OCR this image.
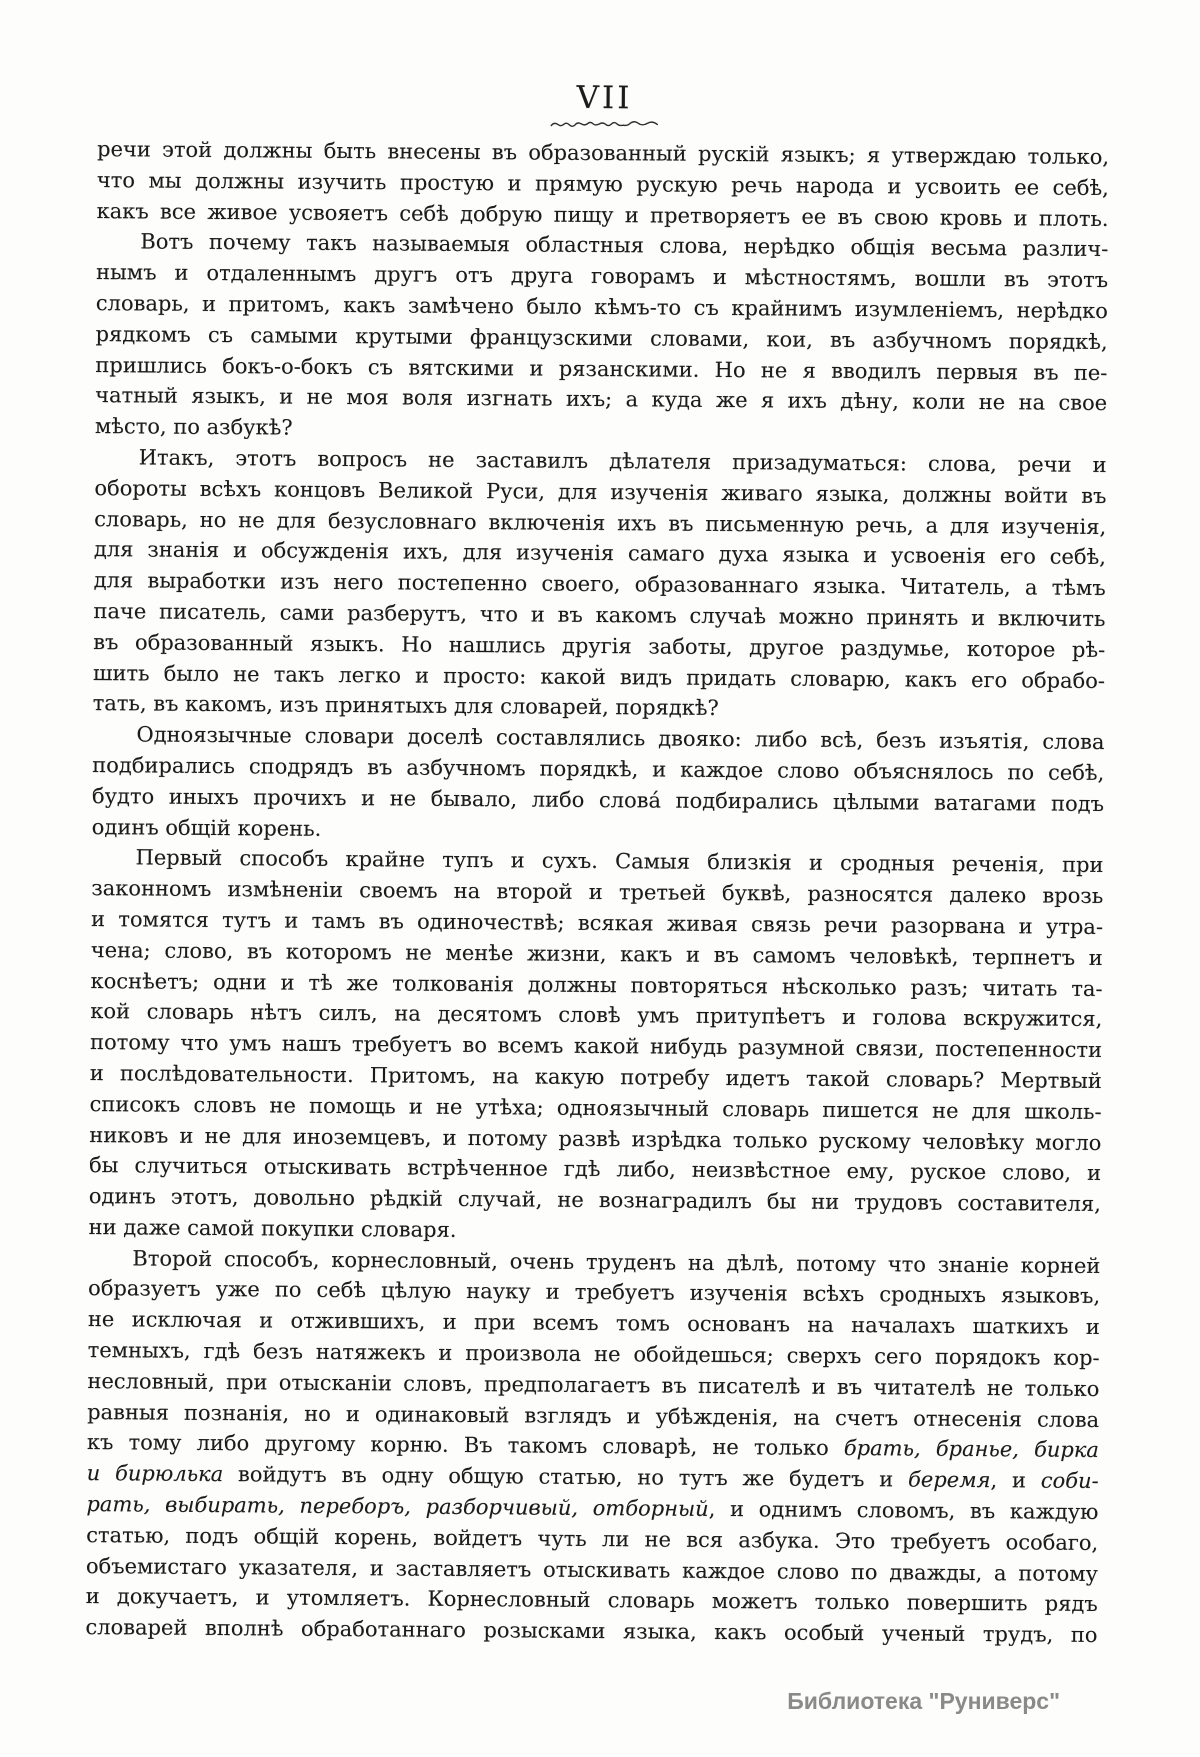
VII
речи этой должны быть внесены въ образованный рускій языкъ; я утверждаю только,
что мы должны изучить простую и прямую рускую речь народа и усвоить ее себѣ,
какъ все живое усвояетъ себѣ добрую пищу и претворяетъ ее въ свою кровь и плоть.
Вотъ почему такъ называемыя областныя слова, нерѣдко общія весьма различ-
нымъ и отдаленнымъ другъ отъ друга говорамъ и мѣстностямъ, вошли въ этотъ
словарь, и притомъ, какъ замѣчено было кѣмъ-то съ крайнимъ изумленіемъ, нерѣдко
рядкомъ съ самыми крутыми французскими словами, кои, въ азбучномъ порядкѣ,
пришлись бокъ-о-бокъ съ вятскими и рязанскими. Но не я вводилъ первыя въ пе-
чатный языкъ, и не моя воля изгнать ихъ; а куда же я ихъ дѣну, коли не на свое
мѣсто, по азбукѣ?
Итакъ, этотъ вопросъ не заставилъ дѣлателя призадуматься: слова, речи и
обороты всѣхъ концовъ Великой Руси, для изученія живаго языка, должны войти въ
словарь, но не для безусловнаго включенія ихъ въ письменную речь, а для изученія,
для знанія и обсужденія ихъ, для изученія самаго духа языка и усвоенія его себѣ,
для выработки изъ него постепенно своего, образованнаго языка. Читатель, а тѣмъ
паче писатель, сами разберутъ, что и въ какомъ случаѣ можно принять и включить
въ образованный языкъ. Но нашлись другія заботы, другое раздумье, которое рѣ-
шить было не такъ легко и просто: какой видъ придать словарю, какъ его обрабо-
тать, въ какомъ, изъ принятыхъ для словарей, порядкѣ?
Одноязычные словари доселѣ составлялись двояко: либо всѣ, безъ изъятія, слова
подбирались сподрядъ въ азбучномъ порядкѣ, и каждое слово объяснялось по себѣ,
будто иныхъ прочихъ и не бывало, либо слова́ подбирались цѣлыми ватагами подъ
одинъ общій корень.
Первый способъ крайне тупъ и сухъ. Самыя близкія и сродныя реченія, при
законномъ измѣненіи своемъ на второй и третьей буквѣ, разносятся далеко врозь
и томятся тутъ и тамъ въ одиночествѣ; всякая живая связь речи разорвана и утра-
чена; слово, въ которомъ не менѣе жизни, какъ и въ самомъ человѣкѣ, терпнетъ и
коснѣетъ; одни и тѣ же толкованія должны повторяться нѣсколько разъ; читать та-
кой словарь нѣтъ силъ, на десятомъ словѣ умъ притупѣетъ и голова вскружится,
потому что умъ нашъ требуетъ во всемъ какой нибудь разумной связи, постепенности
и послѣдовательности. Притомъ, на какую потребу идетъ такой словарь? Мертвый
списокъ словъ не помощь и не утѣха; одноязычный словарь пишется не для школь-
никовъ и не для иноземцевъ, и потому развѣ изрѣдка только рускому человѣку могло
бы случиться отыскивать встрѣченное гдѣ либо, неизвѣстное ему, руское слово, и
одинъ этотъ, довольно рѣдкій случай, не вознаградилъ бы ни трудовъ составителя,
ни даже самой покупки словаря.
Второй способъ, корнесловный, очень труденъ на дѣлѣ, потому что знаніе корней
образуетъ уже по себѣ цѣлую науку и требуетъ изученія всѣхъ сродныхъ языковъ,
не исключая и отжившихъ, и при всемъ томъ основанъ на началахъ шаткихъ и
темныхъ, гдѣ безъ натяжекъ и произвола не обойдешься; сверхъ сего порядокъ кор-
несловный, при отысканіи словъ, предполагаетъ въ писателѣ и въ читателѣ не только
равныя познанія, но и одинаковый взглядъ и убѣжденія, на счетъ отнесенія слова
къ тому либо другому корню. Въ такомъ словарѣ, не только брать, бранье, бирка
и бирюлька войдутъ въ одну общую статью, но тутъ же будетъ и беремя, и соби-
рать, выбирать, переборъ, разборчивый, отборный, и однимъ словомъ, въ каждую
статью, подъ общій корень, войдетъ чуть ли не вся азбука. Это требуетъ особаго,
объемистаго указателя, и заставляетъ отыскивать каждое слово по дважды, а потому
и докучаетъ, и утомляетъ. Корнесловный словарь можетъ только повершить рядъ
словарей вполнѣ обработаннаго розысками языка, какъ особый ученый трудъ, по
Библиотека "Руниверс"
